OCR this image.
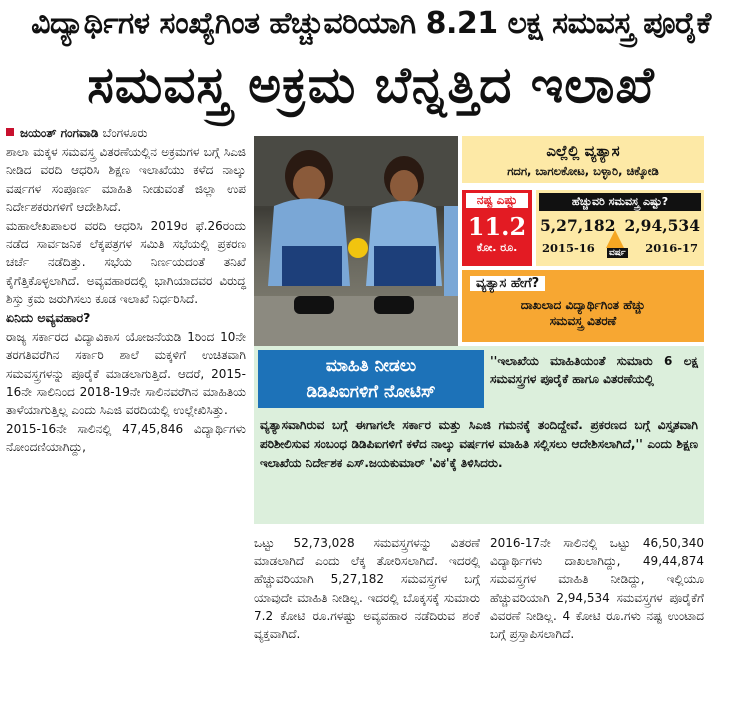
ವಿದ್ಯಾರ್ಥಿಗಳ ಸಂಖ್ಯೆಗಿಂತ ಹೆಚ್ಚುವರಿಯಾಗಿ 8.21 ಲಕ್ಷ ಸಮವಸ್ತ್ರ ಪೂರೈಕೆ
ಸಮವಸ್ತ್ರ ಅಕ್ರಮ ಬೆನ್ನತ್ತಿದ ಇಲಾಖೆ

ಜಯಂತ್ ಗಂಗವಾಡಿ ಬೆಂಗಳೂರು

ಶಾಲಾ ಮಕ್ಕಳ ಸಮವಸ್ತ್ರ ವಿತರಣೆಯಲ್ಲಿನ ಅಕ್ರಮಗಳ ಬಗ್ಗೆ ಸಿಎಜಿ ನೀಡಿದ ವರದಿ ಆಧರಿಸಿ ಶಿಕ್ಷಣ ಇಲಾಖೆಯು ಕಳೆದ ನಾಲ್ಕು ವರ್ಷಗಳ ಸಂಪೂರ್ಣ ಮಾಹಿತಿ ನೀಡುವಂತೆ ಜಿಲ್ಲಾ ಉಪ ನಿರ್ದೇಶಕರುಗಳಿಗೆ ಆದೇಶಿಸಿದೆ.

ಮಹಾಲೇಖಪಾಲರ ವರದಿ ಆಧರಿಸಿ 2019ರ ಫೆ.26ರಂದು ನಡೆದ ಸಾರ್ವಜನಿಕ ಲೆಕ್ಕಪತ್ರಗಳ ಸಮಿತಿ ಸಭೆಯಲ್ಲಿ ಪ್ರಕರಣ ಚರ್ಚೆ ನಡೆದಿತ್ತು. ಸಭೆಯ ನಿರ್ಣಯದಂತೆ ತನಿಖೆ ಕೈಗೆತ್ತಿಕೊಳ್ಳಲಾಗಿದೆ. ಅವ್ಯವಹಾರದಲ್ಲಿ ಭಾಗಿಯಾದವರ ವಿರುದ್ಧ ಶಿಸ್ತು ಕ್ರಮ ಜರುಗಿಸಲು ಕೂಡ ಇಲಾಖೆ ನಿರ್ಧರಿಸಿದೆ.

ಏನಿದು ಅವ್ಯವಹಾರ?

ರಾಜ್ಯ ಸರ್ಕಾರದ ವಿದ್ಯಾವಿಕಾಸ ಯೋಜನೆಯಡಿ 1ರಿಂದ 10ನೇ ತರಗತಿವರೆಗಿನ ಸರ್ಕಾರಿ ಶಾಲೆ ಮಕ್ಕಳಿಗೆ ಉಚಿತವಾಗಿ ಸಮವಸ್ತ್ರಗಳನ್ನು ಪೂರೈಕೆ ಮಾಡಲಾಗುತ್ತಿದೆ. ಆದರೆ, 2015-16ನೇ ಸಾಲಿನಿಂದ 2018-19ನೇ ಸಾಲಿನವರೆಗಿನ ಮಾಹಿತಿಯ ತಾಳೆಯಾಗುತ್ತಿಲ್ಲ ಎಂದು ಸಿಎಜಿ ವರದಿಯಲ್ಲಿ ಉಲ್ಲೇಖಿಸಿತ್ತು.

2015-16ನೇ ಸಾಲಿನಲ್ಲಿ 47,45,846 ವಿದ್ಯಾರ್ಥಿಗಳು ನೋಂದಣಿಯಾಗಿದ್ದು,

ಎಲ್ಲೆಲ್ಲಿ ವ್ಯತ್ಯಾಸ
ಗದಗ, ಬಾಗಲಕೋಟ, ಬಳ್ಳಾರಿ, ಚಿಕ್ಕೋಡಿ
ನಷ್ಟ ಎಷ್ಟು
11.2
ಕೋ. ರೂ.
ಹೆಚ್ಚುವರಿ ಸಮವಸ್ತ್ರ ಎಷ್ಟು?
5,27,182 2,94,534
2015-16	2016-17
ವರ್ಷ
ವ್ಯತ್ಯಾಸ ಹೇಗೆ?
ದಾಖಲಾದ ವಿದ್ಯಾರ್ಥಿಗಿಂತ ಹೆಚ್ಚು
ಸಮವಸ್ತ್ರ ವಿತರಣೆ
ಮಾಹಿತಿ ನೀಡಲು
ಡಿಡಿಪಿಐಗಳಿಗೆ ನೋಟಿಸ್
''ಇಲಾಖೆಯ ಮಾಹಿತಿಯಂತೆ ಸುಮಾರು 6 ಲಕ್ಷ ಸಮವಸ್ತ್ರಗಳ ಪೂರೈಕೆ ಹಾಗೂ ವಿತರಣೆಯಲ್ಲಿ
ವ್ಯತ್ಯಾಸವಾಗಿರುವ ಬಗ್ಗೆ ಈಗಾಗಲೇ ಸರ್ಕಾರ ಮತ್ತು ಸಿಎಜಿ ಗಮನಕ್ಕೆ ತಂದಿದ್ದೇವೆ. ಪ್ರಕರಣದ ಬಗ್ಗೆ ವಿಸ್ತೃತವಾಗಿ ಪರಿಶೀಲಿಸುವ ಸಂಬಂಧ ಡಿಡಿಪಿಐಗಳಿಗೆ ಕಳೆದ ನಾಲ್ಕು ವರ್ಷಗಳ ಮಾಹಿತಿ ಸಲ್ಲಿಸಲು ಆದೇಶಿಸಲಾಗಿದೆ,'' ಎಂದು ಶಿಕ್ಷಣ ಇಲಾಖೆಯ ನಿರ್ದೇಶಕ ಎಸ್.ಜಯಕುಮಾರ್ 'ವಿಕ'ಕ್ಕೆ ತಿಳಿಸಿದರು.
ಒಟ್ಟು 52,73,028 ಸಮವಸ್ತ್ರಗಳನ್ನು ವಿತರಣೆ ಮಾಡಲಾಗಿದೆ ಎಂದು ಲೆಕ್ಕ ತೋರಿಸಲಾಗಿದೆ. ಇದರಲ್ಲಿ ಹೆಚ್ಚುವರಿಯಾಗಿ 5,27,182 ಸಮವಸ್ತ್ರಗಳ ಬಗ್ಗೆ ಯಾವುದೇ ಮಾಹಿತಿ ನೀಡಿಲ್ಲ. ಇದರಲ್ಲಿ ಬೊಕ್ಕಸಕ್ಕೆ ಸುಮಾರು 7.2 ಕೋಟಿ ರೂ.ಗಳಷ್ಟು ಅವ್ಯವಹಾರ ನಡೆದಿರುವ ಶಂಕೆ ವ್ಯಕ್ತವಾಗಿದೆ.
2016-17ನೇ ಸಾಲಿನಲ್ಲಿ ಒಟ್ಟು 46,50,340 ವಿದ್ಯಾರ್ಥಿಗಳು ದಾಖಲಾಗಿದ್ದು, 49,44,874 ಸಮವಸ್ತ್ರಗಳ ಮಾಹಿತಿ ನೀಡಿದ್ದು, ಇಲ್ಲಿಯೂ ಹೆಚ್ಚುವರಿಯಾಗಿ 2,94,534 ಸಮವಸ್ತ್ರಗಳ ಪೂರೈಕೆಗೆ ವಿವರಣೆ ನೀಡಿಲ್ಲ. 4 ಕೋಟಿ ರೂ.ಗಳು ನಷ್ಟ ಉಂಟಾದ ಬಗ್ಗೆ ಪ್ರಸ್ತಾಪಿಸಲಾಗಿದೆ.
